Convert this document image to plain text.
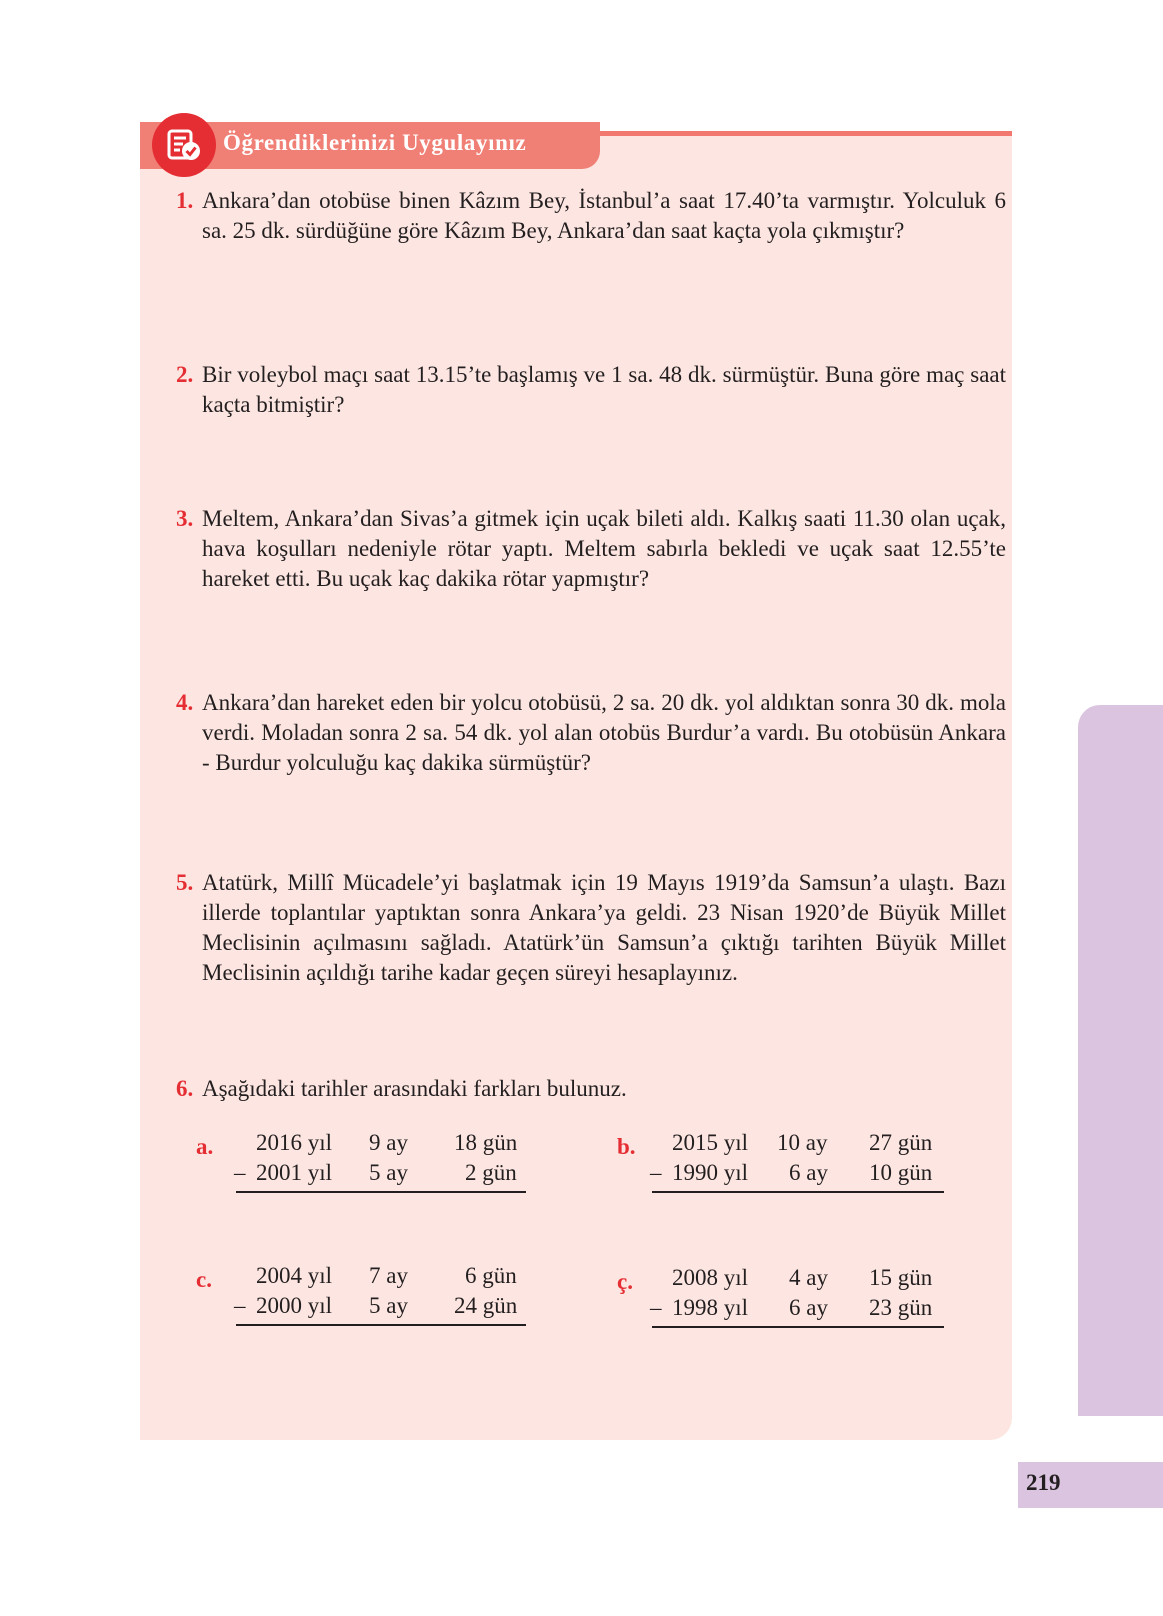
Öğrendiklerinizi Uygulayınız
1. Ankara’dan otobüse binen Kâzım Bey, İstanbul’a saat 17.40’ta varmıştır. Yolculuk 6 sa. 25 dk. sürdüğüne göre Kâzım Bey, Ankara’dan saat kaçta yola çıkmıştır?
2. Bir voleybol maçı saat 13.15’te başlamış ve 1 sa. 48 dk. sürmüştür. Buna göre maç saat kaçta bitmiştir?
3. Meltem, Ankara’dan Sivas’a gitmek için uçak bileti aldı. Kalkış saati 11.30 olan uçak, hava koşulları nedeniyle rötar yaptı. Meltem sabırla bekledi ve uçak saat 12.55’te hareket etti. Bu uçak kaç dakika rötar yapmıştır?
4. Ankara’dan hareket eden bir yolcu otobüsü, 2 sa. 20 dk. yol aldıktan sonra 30 dk. mola verdi. Moladan sonra 2 sa. 54 dk. yol alan otobüs Burdur’a vardı. Bu otobüsün Ankara - Burdur yolculuğu kaç dakika sürmüştür?
5. Atatürk, Millî Mücadele’yi başlatmak için 19 Mayıs 1919’da Samsun’a ulaştı. Bazı illerde toplantılar yaptıktan sonra Ankara’ya geldi. 23 Nisan 1920’de Büyük Millet Meclisinin açılmasını sağladı. Atatürk’ün Samsun’a çıktığı tarihten Büyük Millet Meclisinin açıldığı tarihe kadar geçen süreyi hesaplayınız.
6. Aşağıdaki tarihler arasındaki farkları bulunuz.
a. 2016 yıl 9 ay 18 gün
– 2001 yıl 5 ay 2 gün
b. 2015 yıl 10 ay 27 gün
– 1990 yıl 6 ay 10 gün
c. 2004 yıl 7 ay 6 gün
– 2000 yıl 5 ay 24 gün
ç. 2008 yıl 4 ay 15 gün
– 1998 yıl 6 ay 23 gün
219
